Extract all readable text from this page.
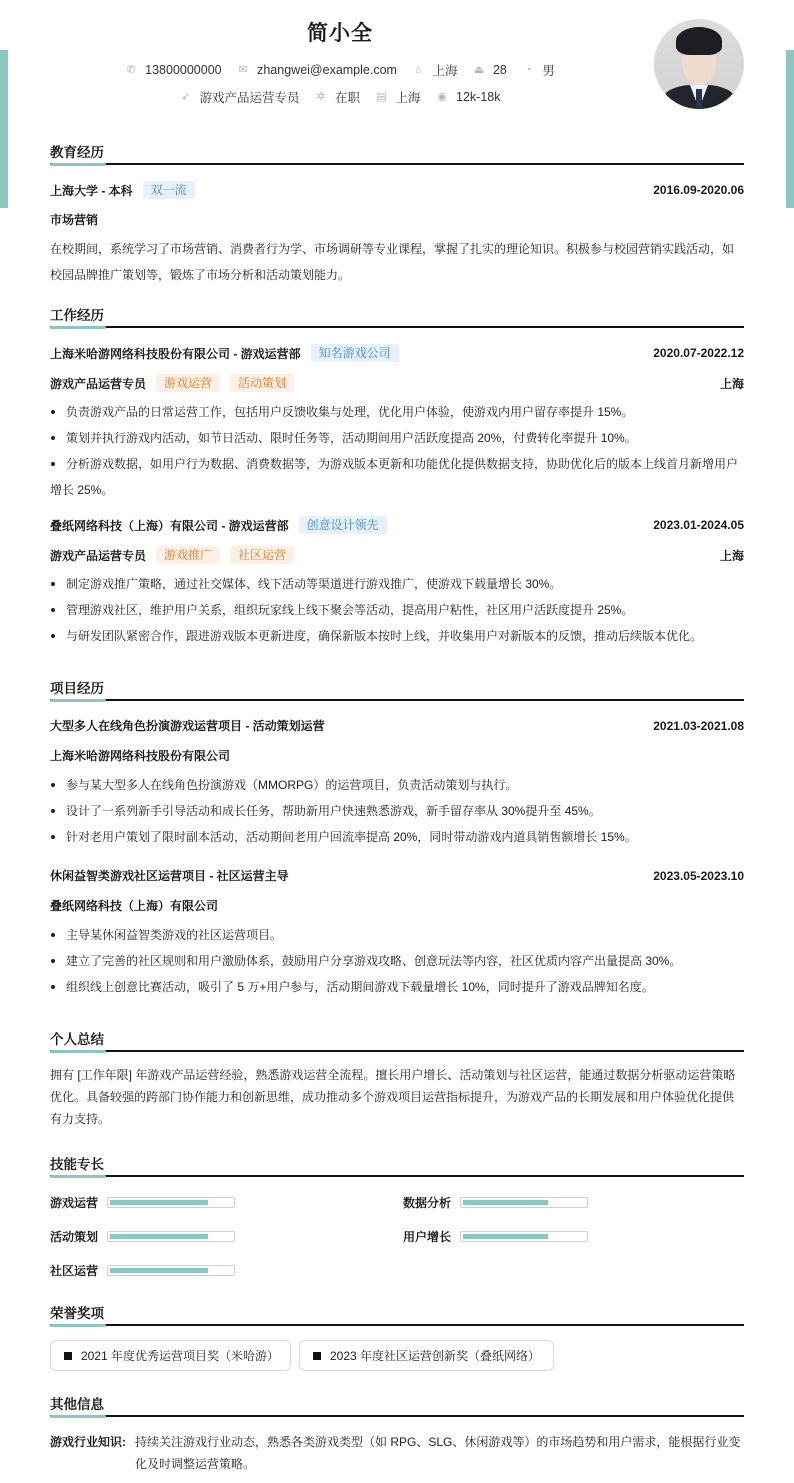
简小全
✆ 13800000000
✉ zhangwei@example.com
⌂ 上海
⏏ 28
◔ 男
➶ 游戏产品运营专员
✲ 在职
▤ 上海
◉ 12k-18k
教育经历
上海大学 - 本科	双一流	2016.09-2020.06
市场营销
在校期间，系统学习了市场营销、消费者行为学、市场调研等专业课程，掌握了扎实的理论知识。积极参与校园营销实践活动，如
校园品牌推广策划等，锻炼了市场分析和活动策划能力。
工作经历
上海米哈游网络科技股份有限公司 - 游戏运营部	知名游戏公司	2020.07-2022.12
游戏产品运营专员	游戏运营	活动策划	上海
负责游戏产品的日常运营工作，包括用户反馈收集与处理，优化用户体验，使游戏内用户留存率提升 15%。
策划并执行游戏内活动，如节日活动、限时任务等，活动期间用户活跃度提高 20%，付费转化率提升 10%。
分析游戏数据，如用户行为数据、消费数据等，为游戏版本更新和功能优化提供数据支持，协助优化后的版本上线首月新增用户
增长 25%。
叠纸网络科技（上海）有限公司 - 游戏运营部	创意设计领先	2023.01-2024.05
游戏产品运营专员	游戏推广	社区运营	上海
制定游戏推广策略，通过社交媒体、线下活动等渠道进行游戏推广，使游戏下载量增长 30%。
管理游戏社区，维护用户关系，组织玩家线上线下聚会等活动，提高用户粘性，社区用户活跃度提升 25%。
与研发团队紧密合作，跟进游戏版本更新进度，确保新版本按时上线，并收集用户对新版本的反馈，推动后续版本优化。
项目经历
大型多人在线角色扮演游戏运营项目 - 活动策划运营	2021.03-2021.08
上海米哈游网络科技股份有限公司
参与某大型多人在线角色扮演游戏（MMORPG）的运营项目，负责活动策划与执行。
设计了一系列新手引导活动和成长任务，帮助新用户快速熟悉游戏，新手留存率从 30%提升至 45%。
针对老用户策划了限时副本活动，活动期间老用户回流率提高 20%，同时带动游戏内道具销售额增长 15%。
休闲益智类游戏社区运营项目 - 社区运营主导	2023.05-2023.10
叠纸网络科技（上海）有限公司
主导某休闲益智类游戏的社区运营项目。
建立了完善的社区规则和用户激励体系，鼓励用户分享游戏攻略、创意玩法等内容，社区优质内容产出量提高 30%。
组织线上创意比赛活动，吸引了 5 万+用户参与，活动期间游戏下载量增长 10%，同时提升了游戏品牌知名度。
个人总结
拥有 [工作年限] 年游戏产品运营经验，熟悉游戏运营全流程。擅长用户增长、活动策划与社区运营，能通过数据分析驱动运营策略
优化。具备较强的跨部门协作能力和创新思维，成功推动多个游戏项目运营指标提升，为游戏产品的长期发展和用户体验优化提供
有力支持。
技能专长
游戏运营	数据分析
活动策划	用户增长
社区运营
荣誉奖项
2021 年度优秀运营项目奖（米哈游）	2023 年度社区运营创新奖（叠纸网络）
其他信息
游戏行业知识: 持续关注游戏行业动态，熟悉各类游戏类型（如 RPG、SLG、休闲游戏等）的市场趋势和用户需求，能根据行业变
化及时调整运营策略。
